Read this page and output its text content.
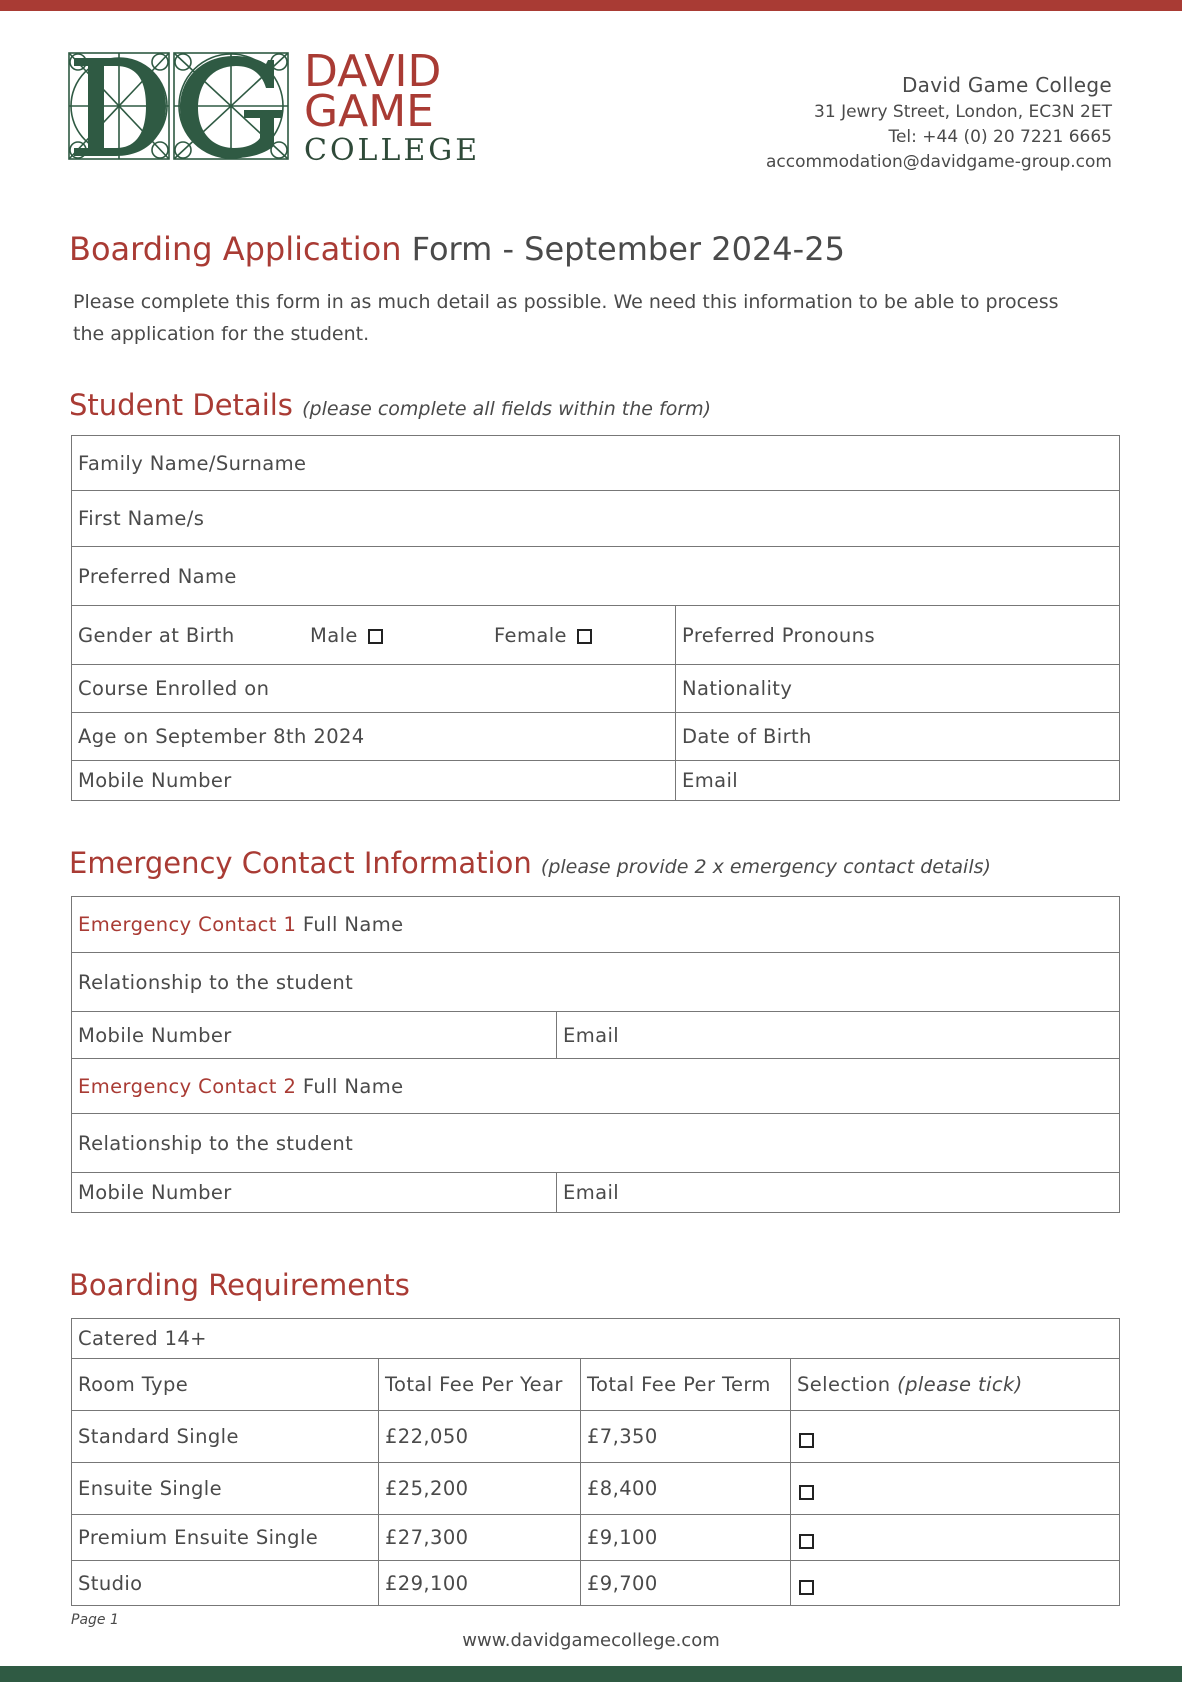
DAVID
GAME
COLLEGE
David Game College
31 Jewry Street, London, EC3N 2ET
Tel: +44 (0) 20 7221 6665
accommodation@davidgame-group.com
Boarding Application Form - September 2024-25

Please complete this form in as much detail as possible. We need this information to be able to process the application for the student.

Student Details (please complete all fields within the form)
Family Name/Surname	
First Name/s	
Preferred Name	
Gender at Birth Male Female	Preferred Pronouns
Course Enrolled on	Nationality
Age on September 8th 2024	Date of Birth
Mobile Number	Email
Emergency Contact Information (please provide 2 x emergency contact details)
Emergency Contact 1 Full Name	
Relationship to the student	
Mobile Number	Email
Emergency Contact 2 Full Name	
Relationship to the student	
Mobile Number	Email
Boarding Requirements
Catered 14+			
Room Type	Total Fee Per Year	Total Fee Per Term	Selection (please tick)
Standard Single	£22,050	£7,350	
Ensuite Single	£25,200	£8,400	
Premium Ensuite Single	£27,300	£9,100	
Studio	£29,100	£9,700	
Page 1
www.davidgamecollege.com
